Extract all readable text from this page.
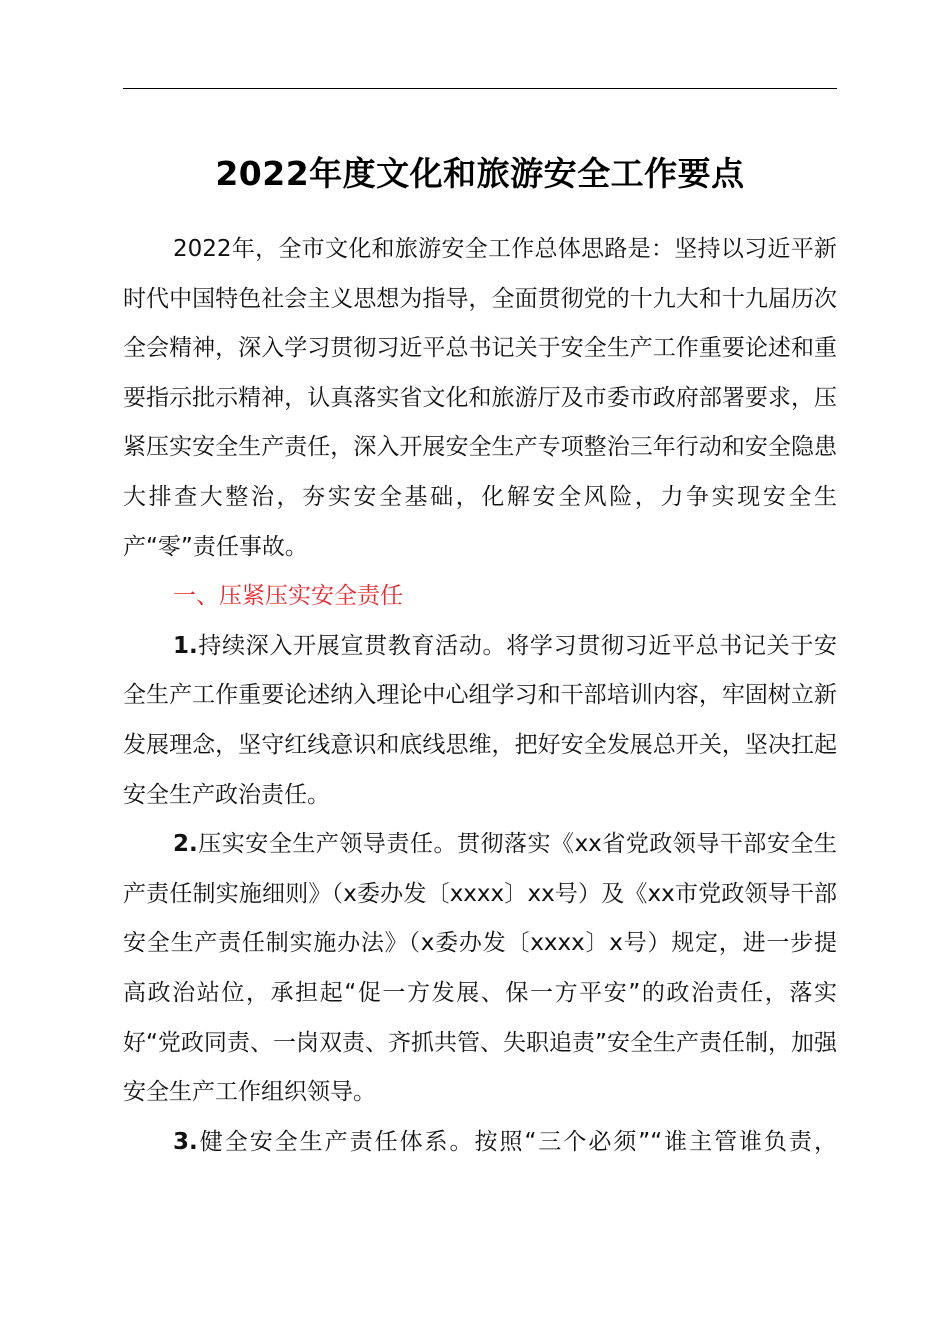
2022年度文化和旅游安全工作要点

2022年，全市文化和旅游安全工作总体思路是：坚持以习近平新时代中国特色社会主义思想为指导，全面贯彻党的十九大和十九届历次全会精神，深入学习贯彻习近平总书记关于安全生产工作重要论述和重要指示批示精神，认真落实省文化和旅游厅及市委市政府部署要求，压紧压实安全生产责任，深入开展安全生产专项整治三年行动和安全隐患大排查大整治，夯实安全基础，化解安全风险，力争实现安全生产“零”责任事故。

一、压紧压实安全责任

1.持续深入开展宣贯教育活动。将学习贯彻习近平总书记关于安全生产工作重要论述纳入理论中心组学习和干部培训内容，牢固树立新发展理念，坚守红线意识和底线思维，把好安全发展总开关，坚决扛起安全生产政治责任。

2.压实安全生产领导责任。贯彻落实《xx省党政领导干部安全生产责任制实施细则》（x委办发〔xxxx〕xx号）及《xx市党政领导干部安全生产责任制实施办法》（x委办发〔xxxx〕x号）规定，进一步提高政治站位，承担起“促一方发展、保一方平安”的政治责任，落实好“党政同责、一岗双责、齐抓共管、失职追责”安全生产责任制，加强安全生产工作组织领导。

3.健全安全生产责任体系。按照“三个必须”“谁主管谁负责，
